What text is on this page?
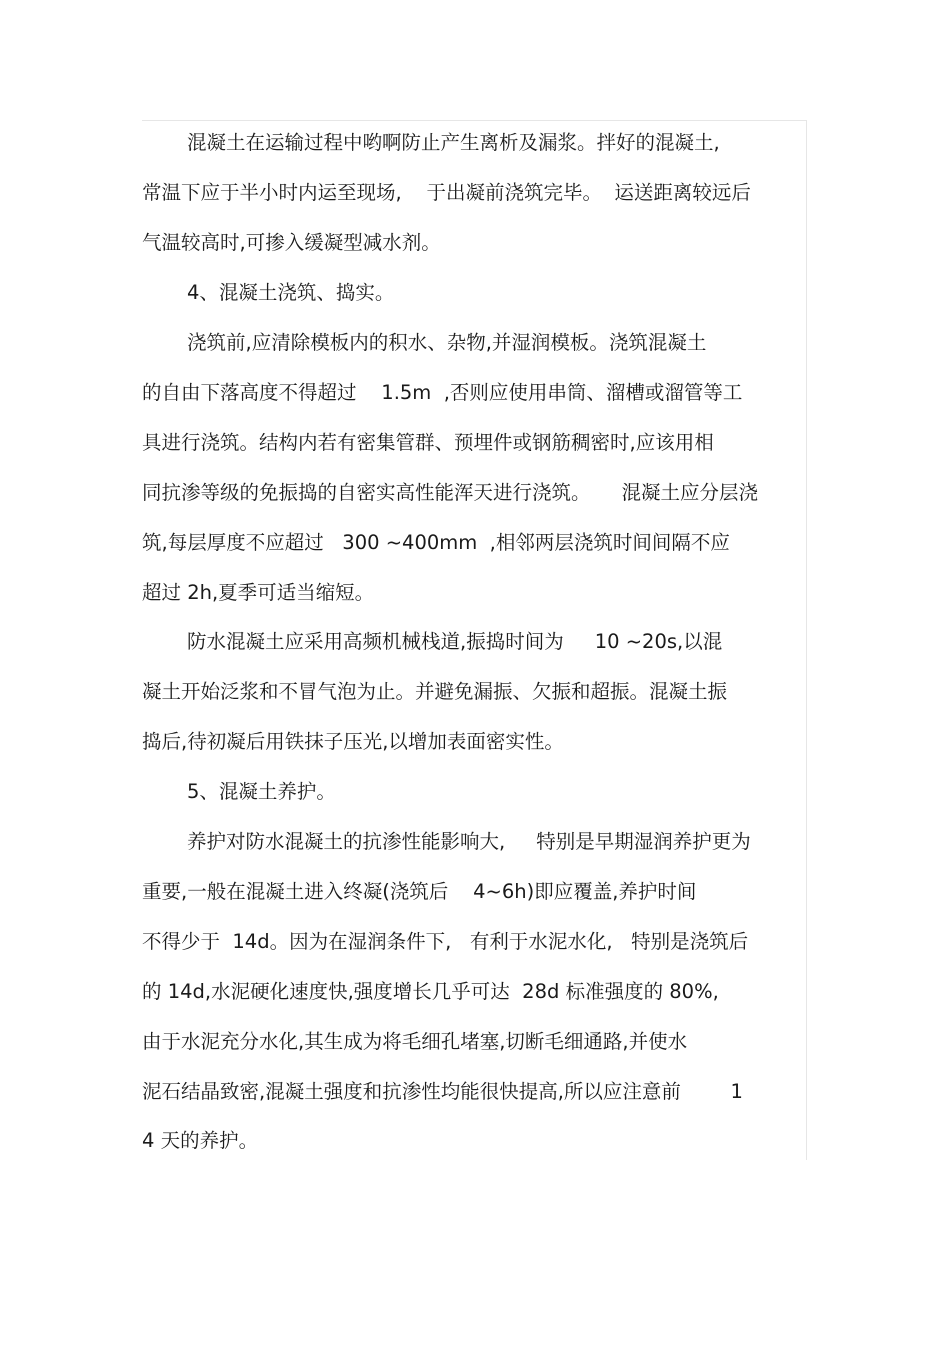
混凝土在运输过程中哟啊防止产生离析及漏浆。拌好的混凝土,
常温下应于半小时内运至现场,    于出凝前浇筑完毕。  运送距离较远后
气温较高时,可掺入缓凝型减水剂。
4、混凝土浇筑、捣实。
浇筑前,应清除模板内的积水、杂物,并湿润模板。浇筑混凝土
的自由下落高度不得超过    1.5m  ,否则应使用串筒、溜槽或溜管等工
具进行浇筑。结构内若有密集管群、预埋件或钢筋稠密时,应该用相
同抗渗等级的免振捣的自密实高性能浑天进行浇筑。     混凝土应分层浇
筑,每层厚度不应超过   300 ~400mm  ,相邻两层浇筑时间间隔不应
超过 2h,夏季可适当缩短。
防水混凝土应采用高频机械栈道,振捣时间为     10 ~20s,以混
凝土开始泛浆和不冒气泡为止。并避免漏振、欠振和超振。混凝土振
捣后,待初凝后用铁抹子压光,以增加表面密实性。
5、混凝土养护。
养护对防水混凝土的抗渗性能影响大,     特别是早期湿润养护更为
重要,一般在混凝土进入终凝(浇筑后    4~6h)即应覆盖,养护时间
不得少于  14d。因为在湿润条件下,   有利于水泥水化,   特别是浇筑后
的 14d,水泥硬化速度快,强度增长几乎可达  28d 标准强度的 80%,
由于水泥充分水化,其生成为将毛细孔堵塞,切断毛细通路,并使水
泥石结晶致密,混凝土强度和抗渗性均能很快提高,所以应注意前        1
4 天的养护。
